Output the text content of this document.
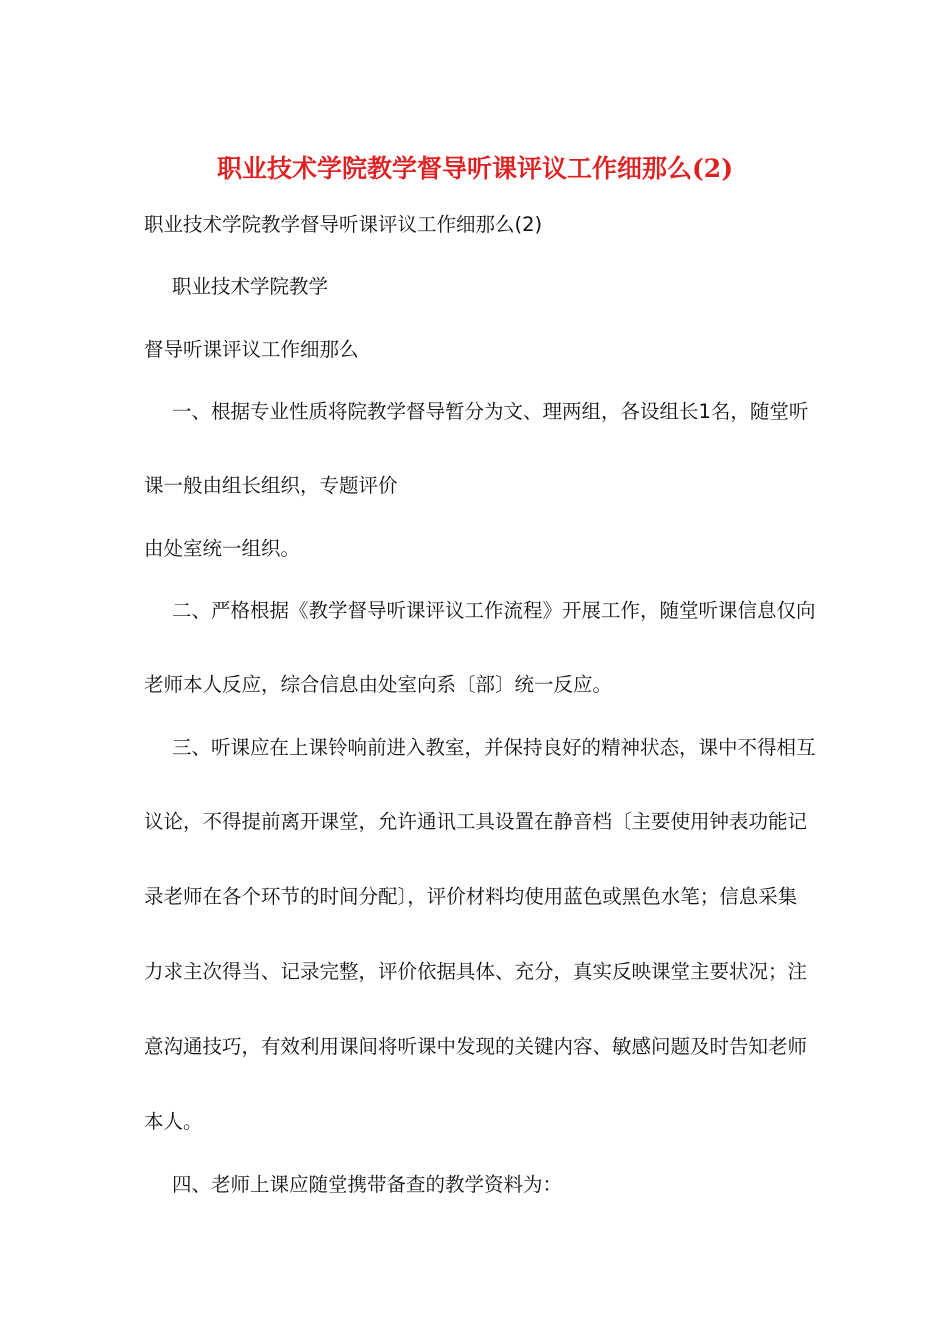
职业技术学院教学督导听课评议工作细那么(2)
职业技术学院教学督导听课评议工作细那么(2)
职业技术学院教学
督导听课评议工作细那么
一、根据专业性质将院教学督导暂分为文、理两组，各设组长1名，随堂听
课一般由组长组织，专题评价
由处室统一组织。
二、严格根据《教学督导听课评议工作流程》开展工作，随堂听课信息仅向
老师本人反应，综合信息由处室向系〔部〕统一反应。
三、听课应在上课铃响前进入教室，并保持良好的精神状态，课中不得相互
议论，不得提前离开课堂，允许通讯工具设置在静音档〔主要使用钟表功能记
录老师在各个环节的时间分配〕，评价材料均使用蓝色或黑色水笔；信息采集
力求主次得当、记录完整，评价依据具体、充分，真实反映课堂主要状况；注
意沟通技巧，有效利用课间将听课中发现的关键内容、敏感问题及时告知老师
本人。
四、老师上课应随堂携带备查的教学资料为：
